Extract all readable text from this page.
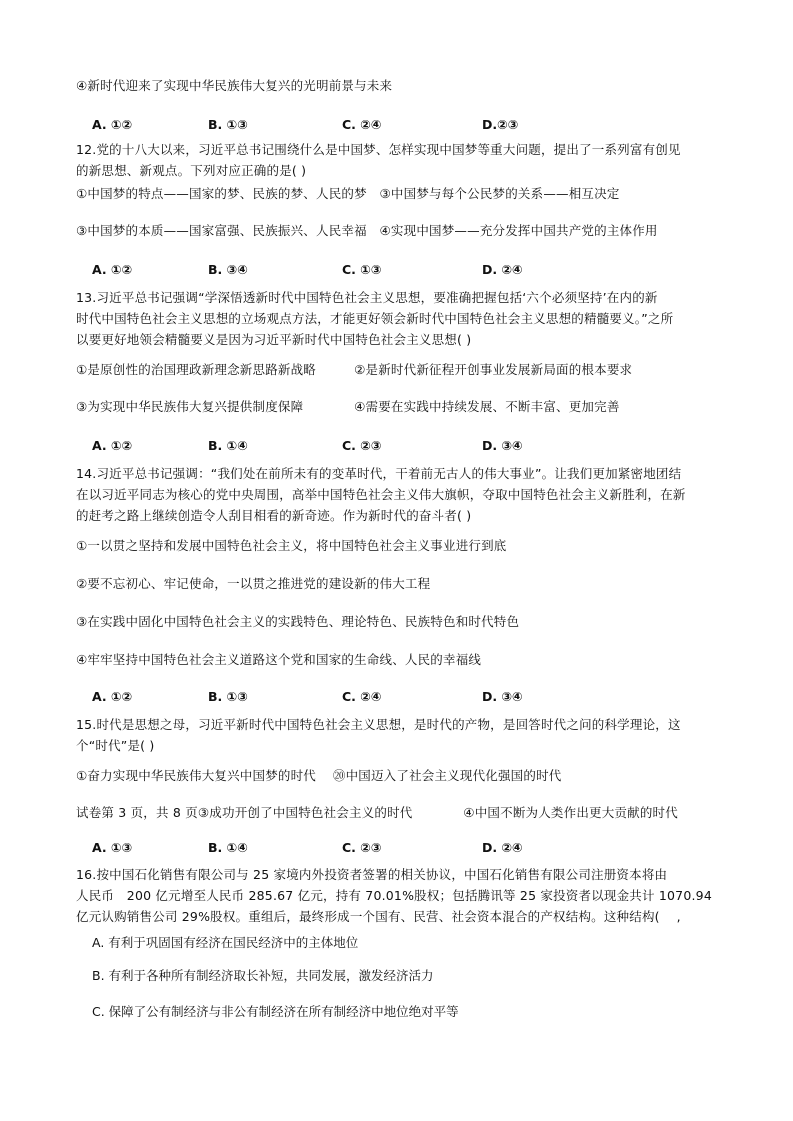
④新时代迎来了实现中华民族伟大复兴的光明前景与未来
A. ①②	B. ①③	C. ②④	D.②③
12.党的十八大以来，习近平总书记围绕什么是中国梦、怎样实现中国梦等重大问题，提出了一系列富有创见
的新思想、新观点。下列对应正确的是( )
①中国梦的特点——国家的梦、民族的梦、人民的梦　③中国梦与每个公民梦的关系——相互决定
③中国梦的本质——国家富强、民族振兴、人民幸福　④实现中国梦——充分发挥中国共产党的主体作用
A. ①②	B. ③④	C. ①③	D. ②④
13.习近平总书记强调“学深悟透新时代中国特色社会主义思想，要准确把握包括‘六个必须坚持’在内的新
时代中国特色社会主义思想的立场观点方法，才能更好领会新时代中国特色社会主义思想的精髓要义。”之所
以要更好地领会精髓要义是因为习近平新时代中国特色社会主义思想( )
①是原创性的治国理政新理念新思路新战略　　　②是新时代新征程开创事业发展新局面的根本要求
③为实现中华民族伟大复兴提供制度保障　　　　④需要在实践中持续发展、不断丰富、更加完善
A. ①②	B. ①④	C. ②③	D. ③④
14.习近平总书记强调：“我们处在前所未有的变革时代，干着前无古人的伟大事业”。让我们更加紧密地团结
在以习近平同志为核心的党中央周围，高举中国特色社会主义伟大旗帜，夺取中国特色社会主义新胜利，在新
的赶考之路上继续创造令人刮目相看的新奇迹。作为新时代的奋斗者( )
①一以贯之坚持和发展中国特色社会主义，将中国特色社会主义事业进行到底
②要不忘初心、牢记使命，一以贯之推进党的建设新的伟大工程
③在实践中固化中国特色社会主义的实践特色、理论特色、民族特色和时代特色
④牢牢坚持中国特色社会主义道路这个党和国家的生命线、人民的幸福线
A. ①②	B. ①③	C. ②④	D. ③④
15.时代是思想之母，习近平新时代中国特色社会主义思想，是时代的产物，是回答时代之问的科学理论，这
个“时代”是( )
①奋力实现中华民族伟大复兴中国梦的时代　 ⑳中国迈入了社会主义现代化强国的时代
试卷第 3 页，共 8 页③成功开创了中国特色社会主义的时代　　　　④中国不断为人类作出更大贡献的时代
A. ①③	B. ①④	C. ②③	D. ②④
16.按中国石化销售有限公司与 25 家境内外投资者签署的相关协议，中国石化销售有限公司注册资本将由
人民币　200 亿元增至人民币 285.67 亿元，持有 70.01%股权；包括腾讯等 25 家投资者以现金共计 1070.94
亿元认购销售公司 29%股权。重组后，最终形成一个国有、民营、社会资本混合的产权结构。这种结构(　 ,
A. 有利于巩固国有经济在国民经济中的主体地位
B. 有利于各种所有制经济取长补短，共同发展，激发经济活力
C. 保障了公有制经济与非公有制经济在所有制经济中地位绝对平等
